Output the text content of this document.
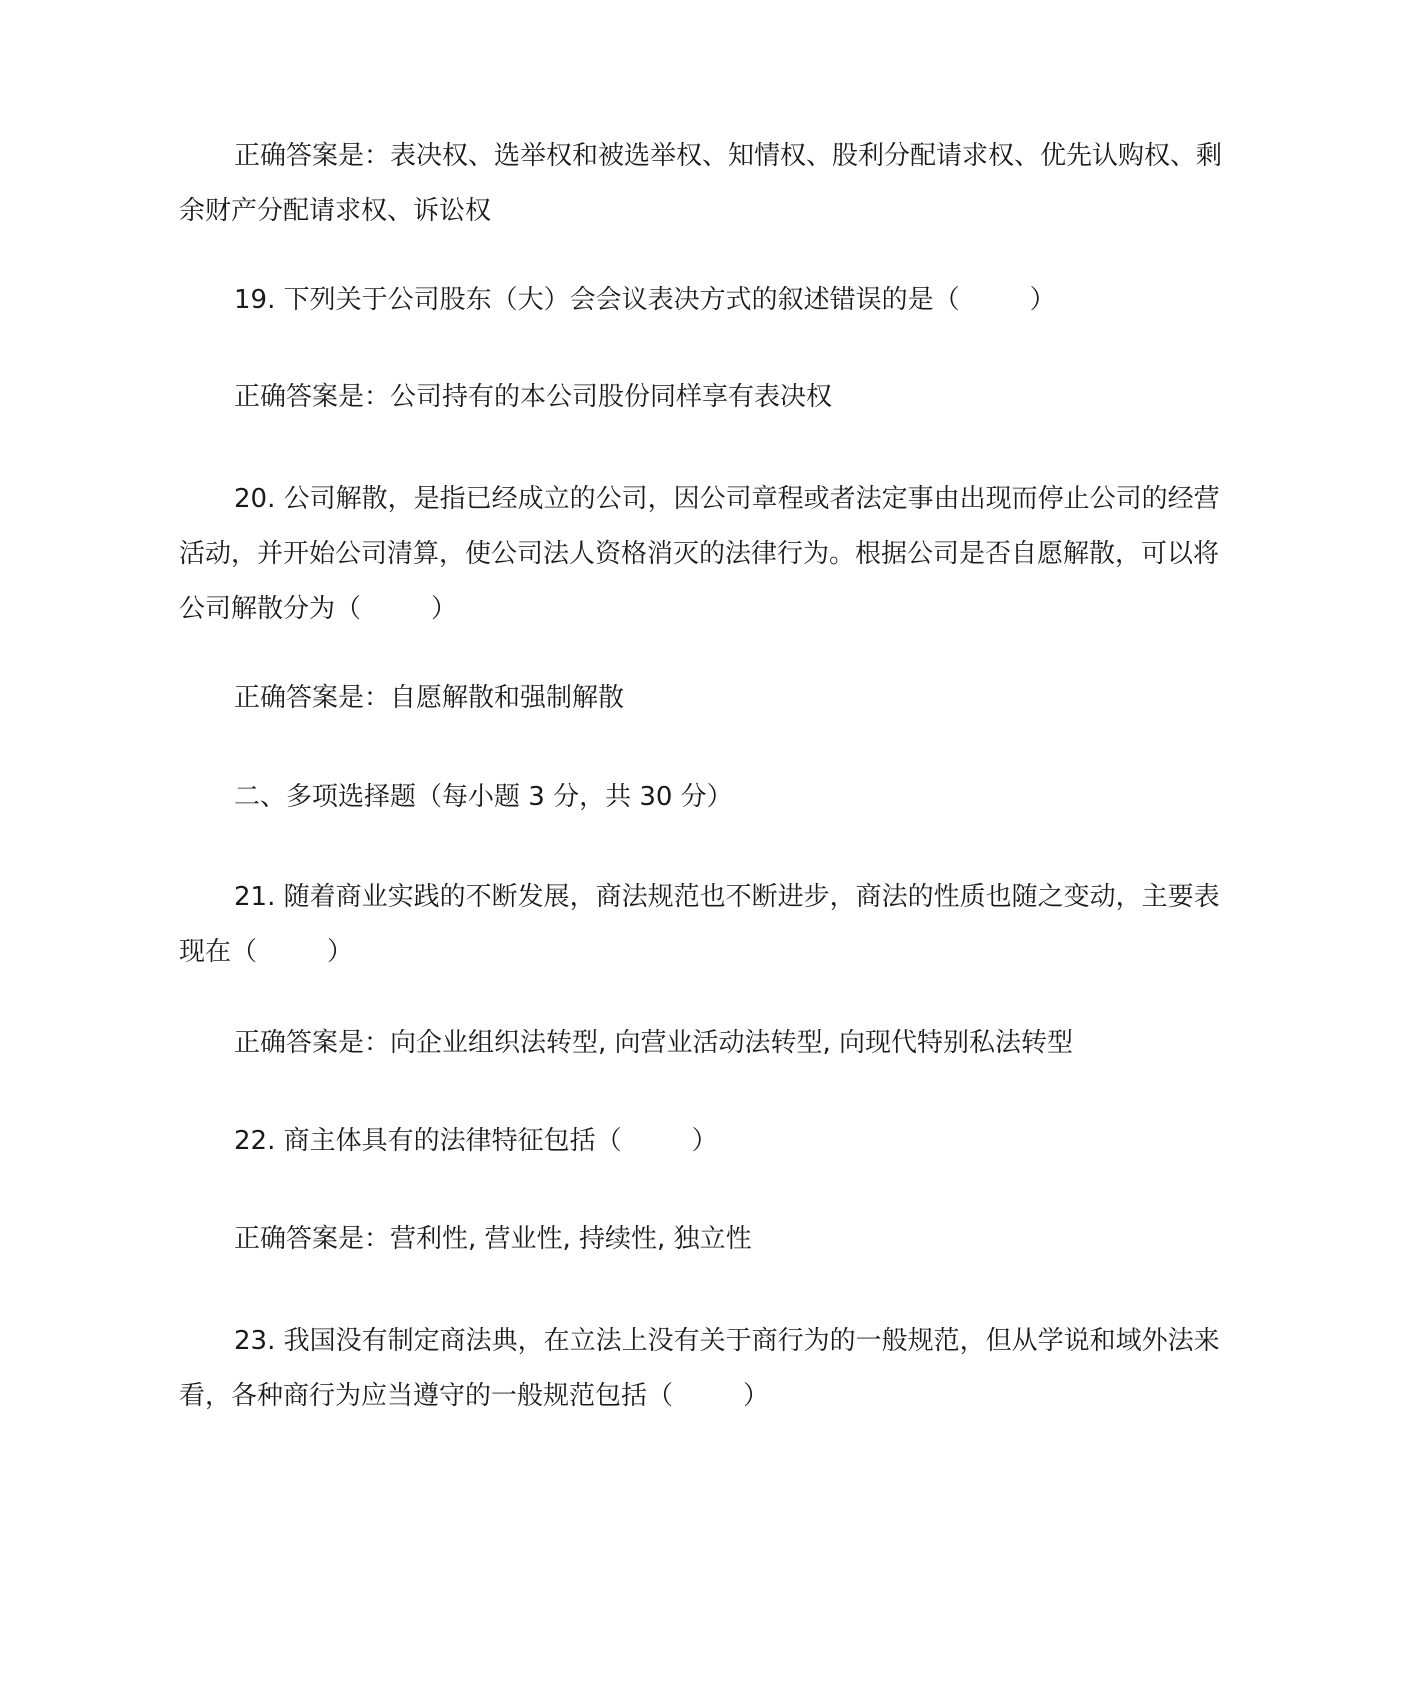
正确答案是：表决权、选举权和被选举权、知情权、股利分配请求权、优先认购权、剩余财产分配请求权、诉讼权
19. 下列关于公司股东（大）会会议表决方式的叙述错误的是（	）
正确答案是：公司持有的本公司股份同样享有表决权
20. 公司解散，是指已经成立的公司，因公司章程或者法定事由出现而停止公司的经营活动，并开始公司清算，使公司法人资格消灭的法律行为。根据公司是否自愿解散，可以将公司解散分为（	）
正确答案是：自愿解散和强制解散
二、多项选择题（每小题 3 分，共 30 分）
21. 随着商业实践的不断发展，商法规范也不断进步，商法的性质也随之变动，主要表现在（	）
正确答案是：向企业组织法转型, 向营业活动法转型, 向现代特别私法转型
22. 商主体具有的法律特征包括（	）
正确答案是：营利性, 营业性, 持续性, 独立性
23. 我国没有制定商法典，在立法上没有关于商行为的一般规范，但从学说和域外法来看，各种商行为应当遵守的一般规范包括（	）
